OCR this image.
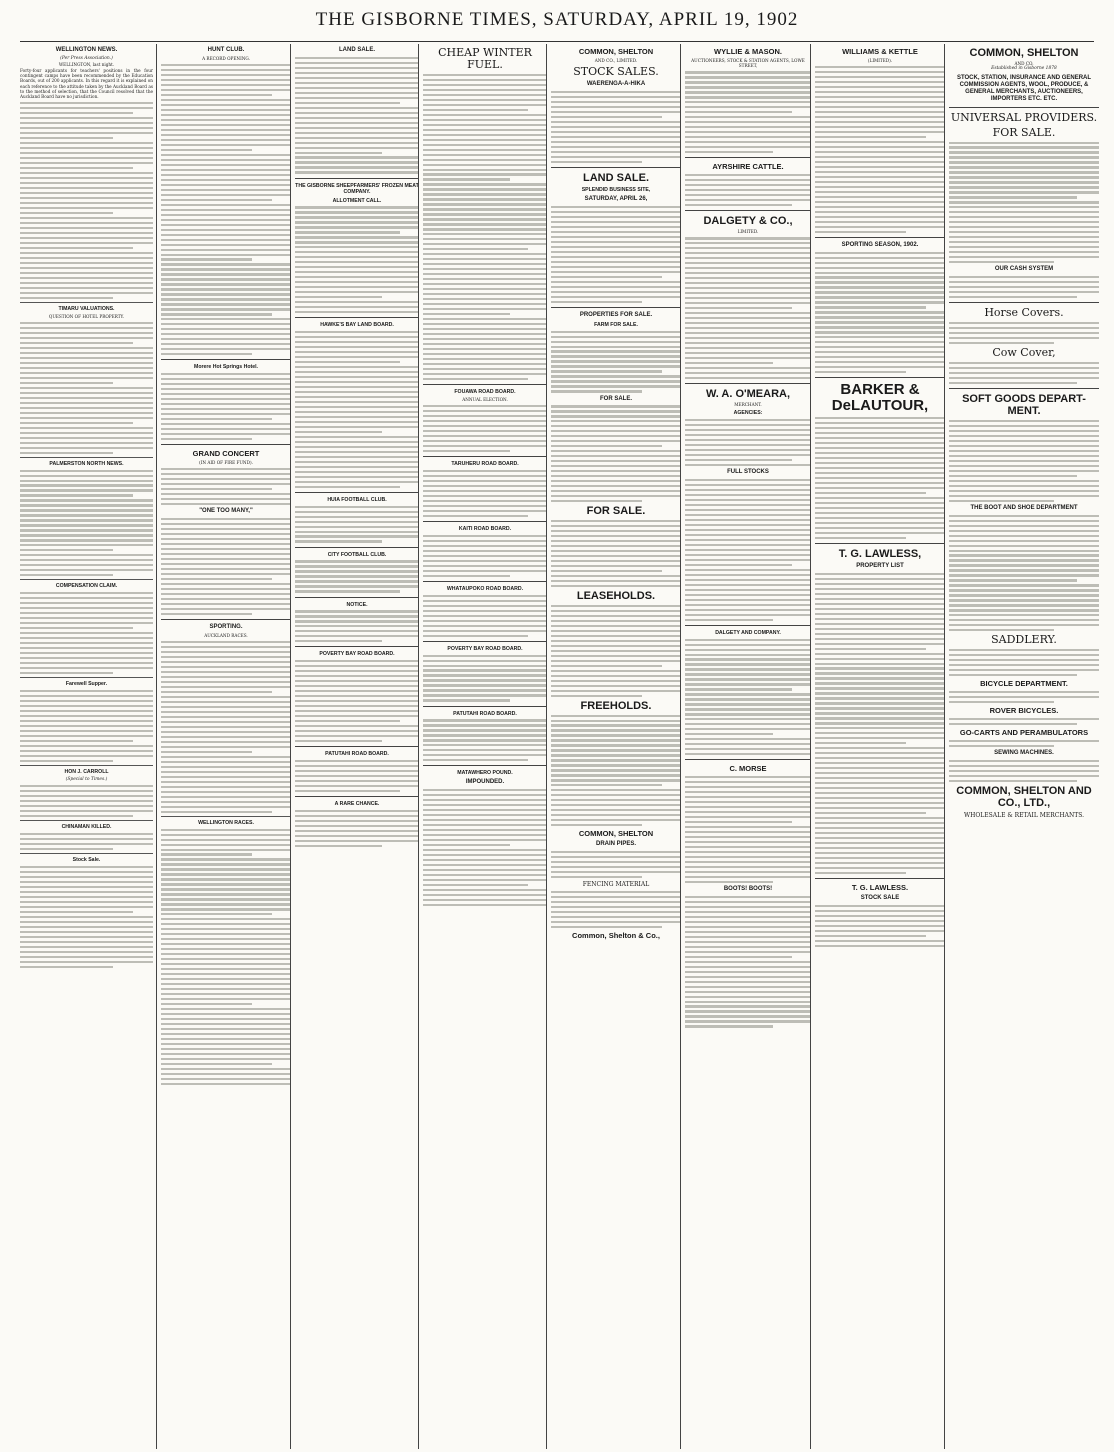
THE GISBORNE TIMES, SATURDAY, APRIL 19, 1902
WELLINGTON NEWS.
(Per Press Association.)
WELLINGTON, last night.

Forty-four applicants for teachers' positions in the four contingent camps have been recommended by the Education Boards, out of 200 applicants. In this regard it is explained on each reference to the attitude taken by the Auckland Board as to the method of selection, that the Council resolved that the Auckland Board have no jurisdiction.

TIMARU VALUATIONS.
QUESTION OF HOTEL PROPERTY.
PALMERSTON NORTH NEWS.
COMPENSATION CLAIM.
Farewell Supper.
HON J. CARROLL
(Special to Times.)
CHINAMAN KILLED.
Stock Sale.
HUNT CLUB.
A RECORD OPENING.
Morere Hot Springs Hotel.
GRAND CONCERT
(IN AID OF FIRE FUND).
"ONE TOO MANY,"
SPORTING.
AUCKLAND RACES.
WELLINGTON RACES.
LAND SALE.
THE GISBORNE SHEEPFARMERS' FROZEN MEAT COMPANY.
ALLOTMENT CALL.
HAWKE'S BAY LAND BOARD.
HUIA FOOTBALL CLUB.
CITY FOOTBALL CLUB.
NOTICE.
POVERTY BAY ROAD BOARD.
PATUTAHI ROAD BOARD.
A RARE CHANCE.
CHEAP WINTER FUEL.
FOUAWA ROAD BOARD.
ANNUAL ELECTION.
TARUHERU ROAD BOARD.
KAITI ROAD BOARD.
WHATAUPOKO ROAD BOARD.
POVERTY BAY ROAD BOARD.
PATUTAHI ROAD BOARD.
MATAWHERO POUND.
IMPOUNDED.
COMMON, SHELTON
AND CO., LIMITED.
STOCK SALES.
WAERENGA-A-HIKA
LAND SALE.
SPLENDID BUSINESS SITE,
SATURDAY, APRIL 26,
PROPERTIES FOR SALE.
FARM FOR SALE.
FOR SALE.
FOR SALE.
LEASEHOLDS.
FREEHOLDS.
COMMON, SHELTON
DRAIN PIPES.
FENCING MATERIAL
Common, Shelton & Co.,
WYLLIE & MASON.
AUCTIONEERS, STOCK & STATION AGENTS, LOWE STREET,
AYRSHIRE CATTLE.
DALGETY & CO.,
LIMITED.
W. A. O'MEARA,
MERCHANT.
AGENCIES:
FULL STOCKS
DALGETY AND COMPANY.
C. MORSE
BOOTS! BOOTS!
WILLIAMS & KETTLE
(LIMITED).
SPORTING SEASON, 1902.
BARKER & DeLAUTOUR,
T. G. LAWLESS,
PROPERTY LIST
T. G. LAWLESS.
STOCK SALE
COMMON, SHELTON
AND CO.
Established in Gisborne 1878
STOCK, STATION, INSURANCE AND GENERAL COMMISSION AGENTS, WOOL, PRODUCE, & GENERAL MERCHANTS, AUCTIONEERS, IMPORTERS ETC. ETC.
UNIVERSAL PROVIDERS.
FOR SALE.
OUR CASH SYSTEM
Horse Covers.
Cow Cover,
SOFT GOODS DEPART-MENT.
THE BOOT AND SHOE DEPARTMENT
SADDLERY.
BICYCLE DEPARTMENT.
ROVER BICYCLES.
GO-CARTS AND PERAMBULATORS
SEWING MACHINES.
COMMON, SHELTON AND CO., LTD.,
WHOLESALE & RETAIL MERCHANTS.
